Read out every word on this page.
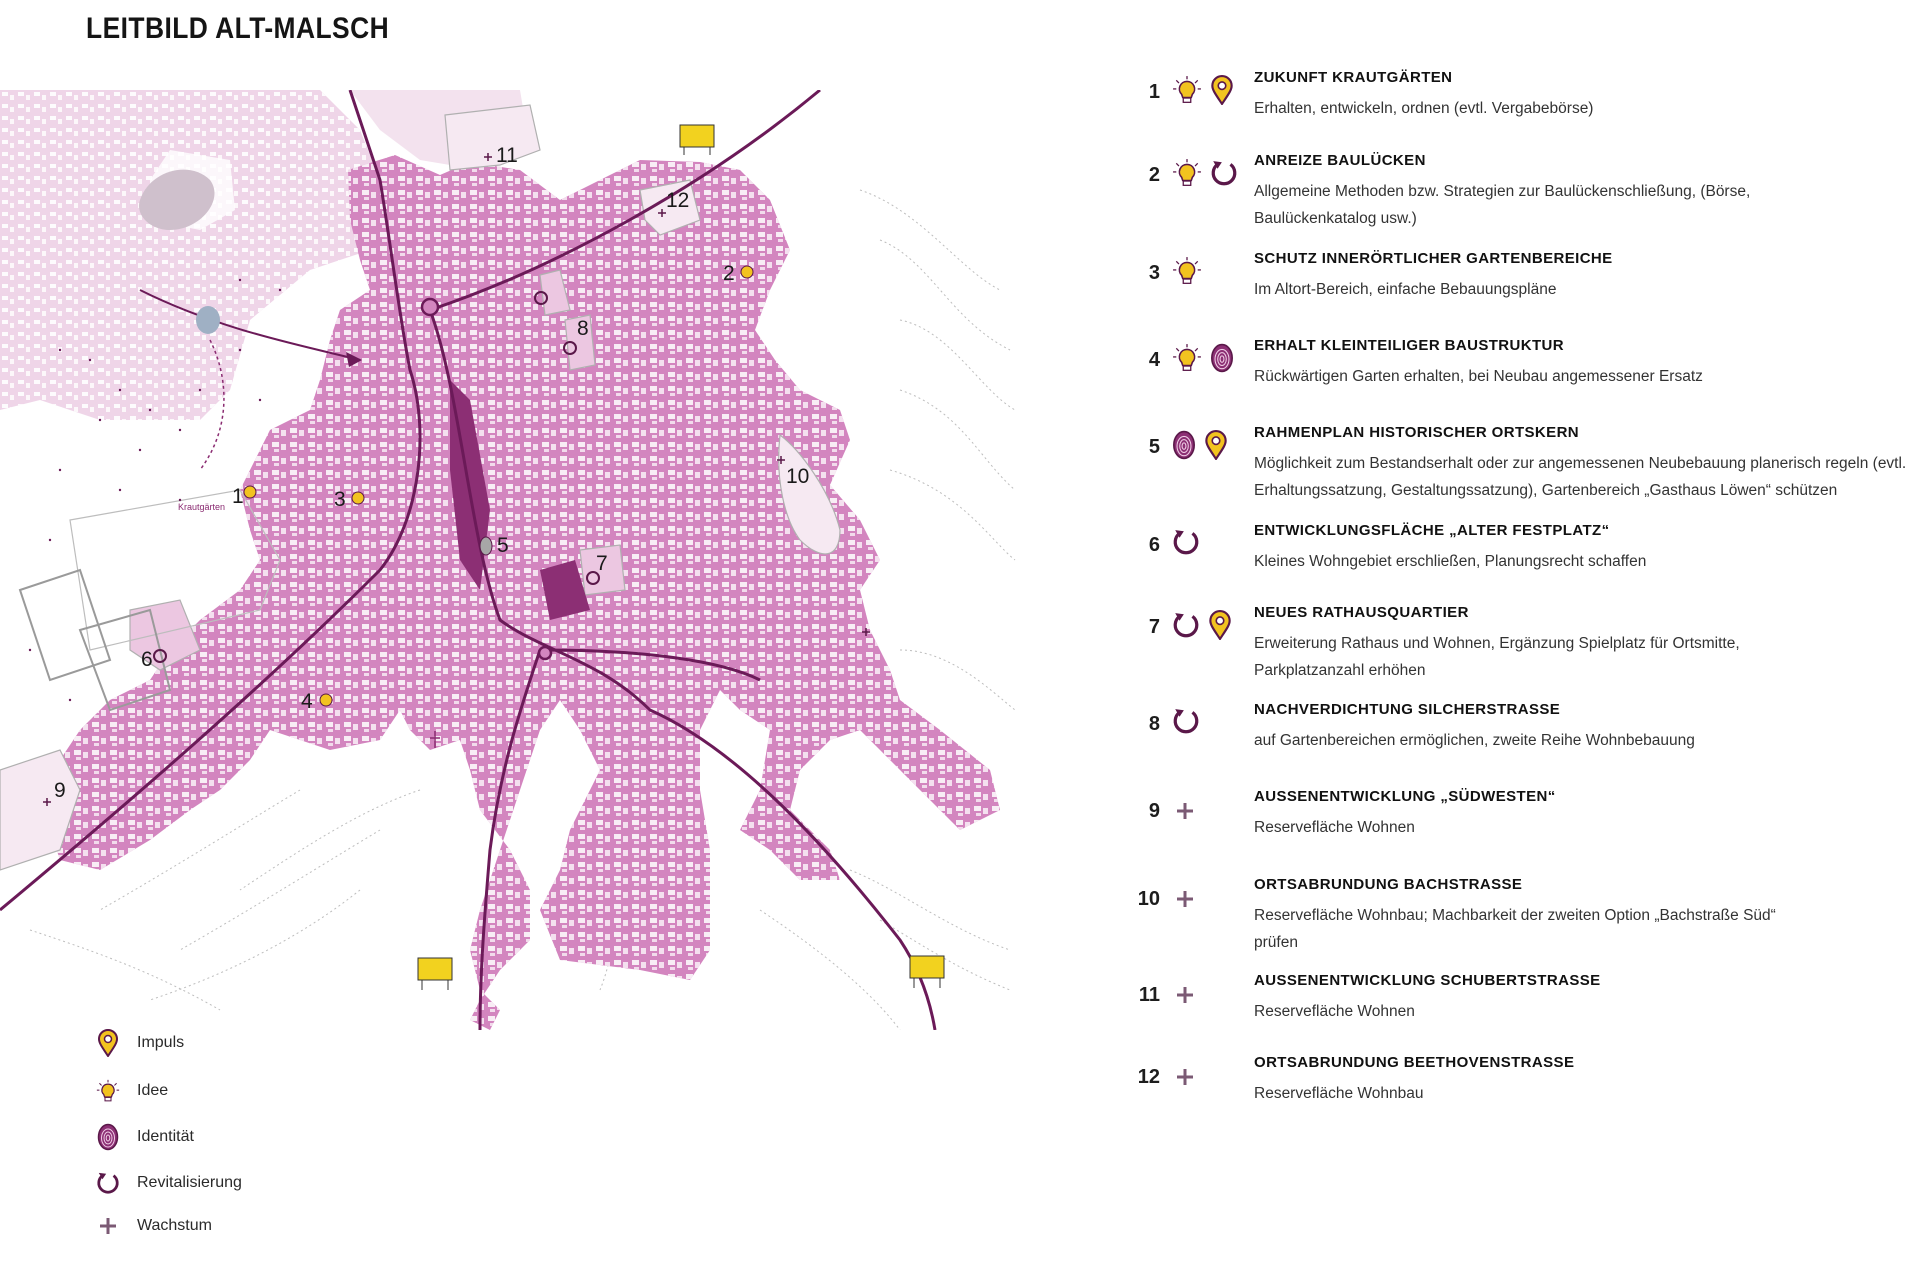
LEITBILD ALT-MALSCH
1
2
3
4
5
6
7
8
9
10
11
12
Krautgärten
Impuls
Idee
Identität
Revitalisierung
Wachstum
1
ZUKUNFT KRAUTGÄRTEN
Erhalten, entwickeln, ordnen (evtl. Vergabebörse)
2
ANREIZE BAULÜCKEN
Allgemeine Methoden bzw. Strategien zur Baulückenschließung, (Börse, Baulückenkatalog usw.)
3
SCHUTZ INNERÖRTLICHER GARTENBEREICHE
Im Altort-Bereich, einfache Bebauungspläne
4
ERHALT KLEINTEILIGER BAUSTRUKTUR
Rückwärtigen Garten erhalten, bei Neubau angemessener Ersatz
5
RAHMENPLAN HISTORISCHER ORTSKERN
Möglichkeit zum Bestandserhalt oder zur angemessenen Neubebauung planerisch regeln (evtl. Erhaltungssatzung, Gestaltungssatzung), Gartenbereich „Gasthaus Löwen“ schützen
6
ENTWICKLUNGSFLÄCHE „ALTER FESTPLATZ“
Kleines Wohngebiet erschließen, Planungsrecht schaffen
7
NEUES RATHAUSQUARTIER
Erweiterung Rathaus und Wohnen, Ergänzung Spielplatz für Ortsmitte, Parkplatzanzahl erhöhen
8
NACHVERDICHTUNG SILCHERSTRASSE
auf Gartenbereichen ermöglichen, zweite Reihe Wohnbebauung
9
AUSSENENTWICKLUNG „SÜDWESTEN“
Reservefläche Wohnen
10
ORTSABRUNDUNG BACHSTRASSE
Reservefläche Wohnbau; Machbarkeit der zweiten Option „Bachstraße Süd“ prüfen
11
AUSSENENTWICKLUNG SCHUBERTSTRASSE
Reservefläche Wohnen
12
ORTSABRUNDUNG BEETHOVENSTRASSE
Reservefläche Wohnbau
